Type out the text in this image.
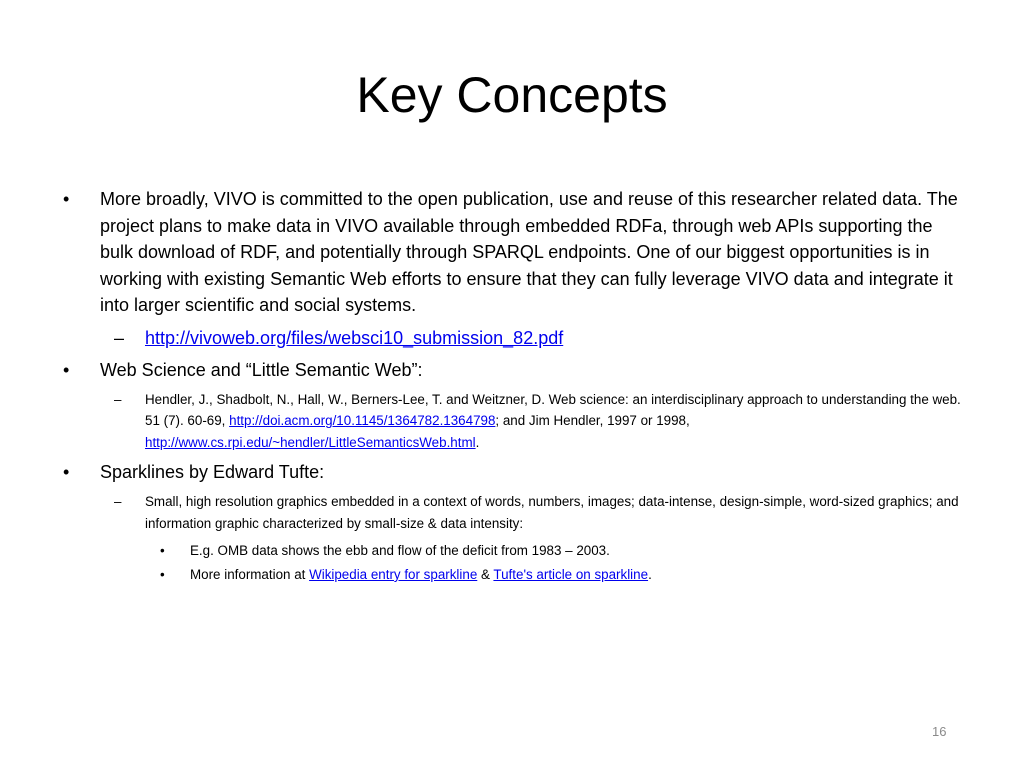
Key Concepts
• More broadly, VIVO is committed to the open publication, use and reuse of this researcher related data. The project plans to make data in VIVO available through embedded RDFa, through web APIs supporting the bulk download of RDF, and potentially through SPARQL endpoints. One of our biggest opportunities is in working with existing Semantic Web efforts to ensure that they can fully leverage VIVO data and integrate it into larger scientific and social systems.
– http://vivoweb.org/files/websci10_submission_82.pdf
• Web Science and “Little Semantic Web”:
– Hendler, J., Shadbolt, N., Hall, W., Berners-Lee, T. and Weitzner, D. Web science: an interdisciplinary approach to understanding the web. 51 (7). 60-69, http://doi.acm.org/10.1145/1364782.1364798; and Jim Hendler, 1997 or 1998, http://www.cs.rpi.edu/~hendler/LittleSemanticsWeb.html.
• Sparklines by Edward Tufte:
– Small, high resolution graphics embedded in a context of words, numbers, images; data-intense, design-simple, word-sized graphics; and information graphic characterized by small-size & data intensity:
• E.g. OMB data shows the ebb and flow of the deficit from 1983 – 2003.
• More information at Wikipedia entry for sparkline & Tufte's article on sparkline.
16
